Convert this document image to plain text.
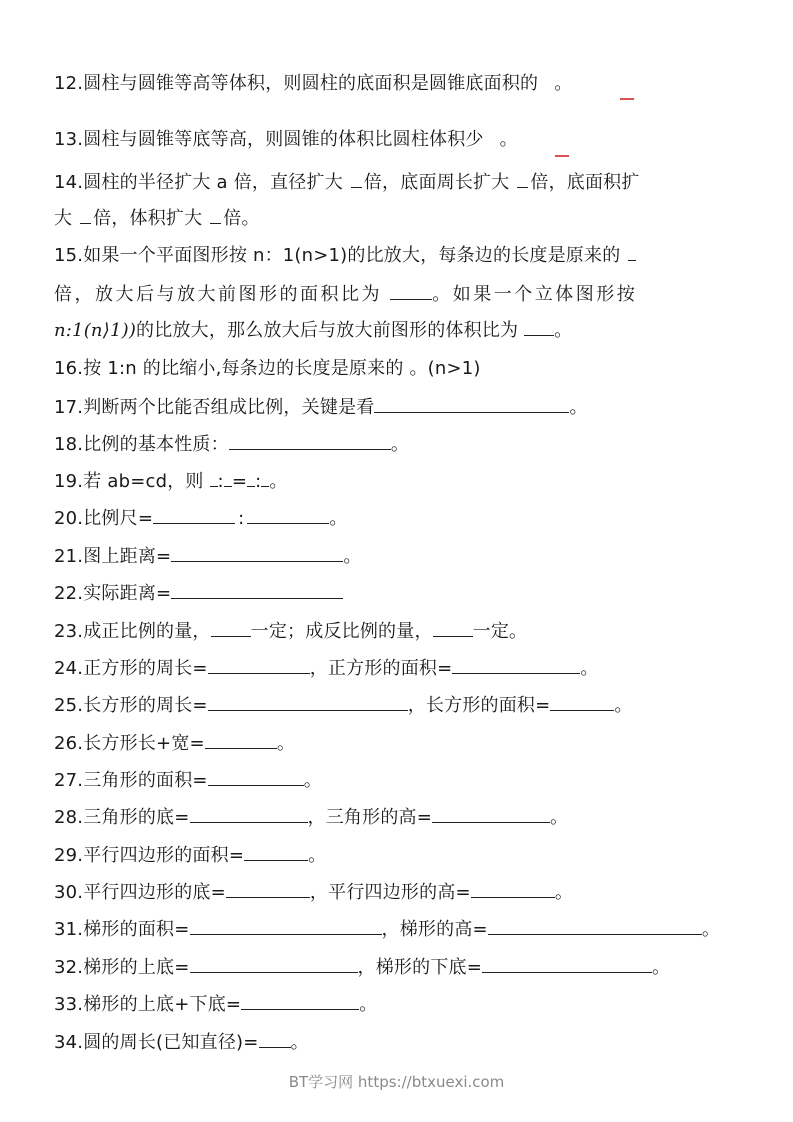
12.圆柱与圆锥等高等体积，则圆柱的底面积是圆锥底面积的 。
13.圆柱与圆锥等底等高，则圆锥的体积比圆柱体积少 。
14.圆柱的半径扩大 a 倍，直径扩大 倍，底面周长扩大 倍，底面积扩
大 倍，体积扩大 倍。
15.如果一个平面图形按 n：1(n>1)的比放大，每条边的长度是原来的
倍，放大后与放大前图形的面积比为 。如果一个立体图形按
n:1(n⟩1))的比放大，那么放大后与放大前图形的体积比为 。
16.按 1:n 的比缩小,每条边的长度是原来的 。(n>1)
17.判断两个比能否组成比例，关键是看	。
18.比例的基本性质：	。
19.若 ab=cd，则 : = : 。
20.比例尺=	:	。
21.图上距离=	。
22.实际距离=
23.成正比例的量， 一定；成反比例的量， 一定。
24.正方形的周长=	，正方形的面积=	。
25.长方形的周长=	，长方形的面积=	。
26.长方形长+宽=	。
27.三角形的面积=	。
28.三角形的底=	，三角形的高=	。
29.平行四边形的面积=	。
30.平行四边形的底=	，平行四边形的高=	。
31.梯形的面积=	，梯形的高=	。
32.梯形的上底=	，梯形的下底=	。
33.梯形的上底+下底=	。
34.圆的周长(已知直径)= 。
BT学习网 https://btxuexi.com
